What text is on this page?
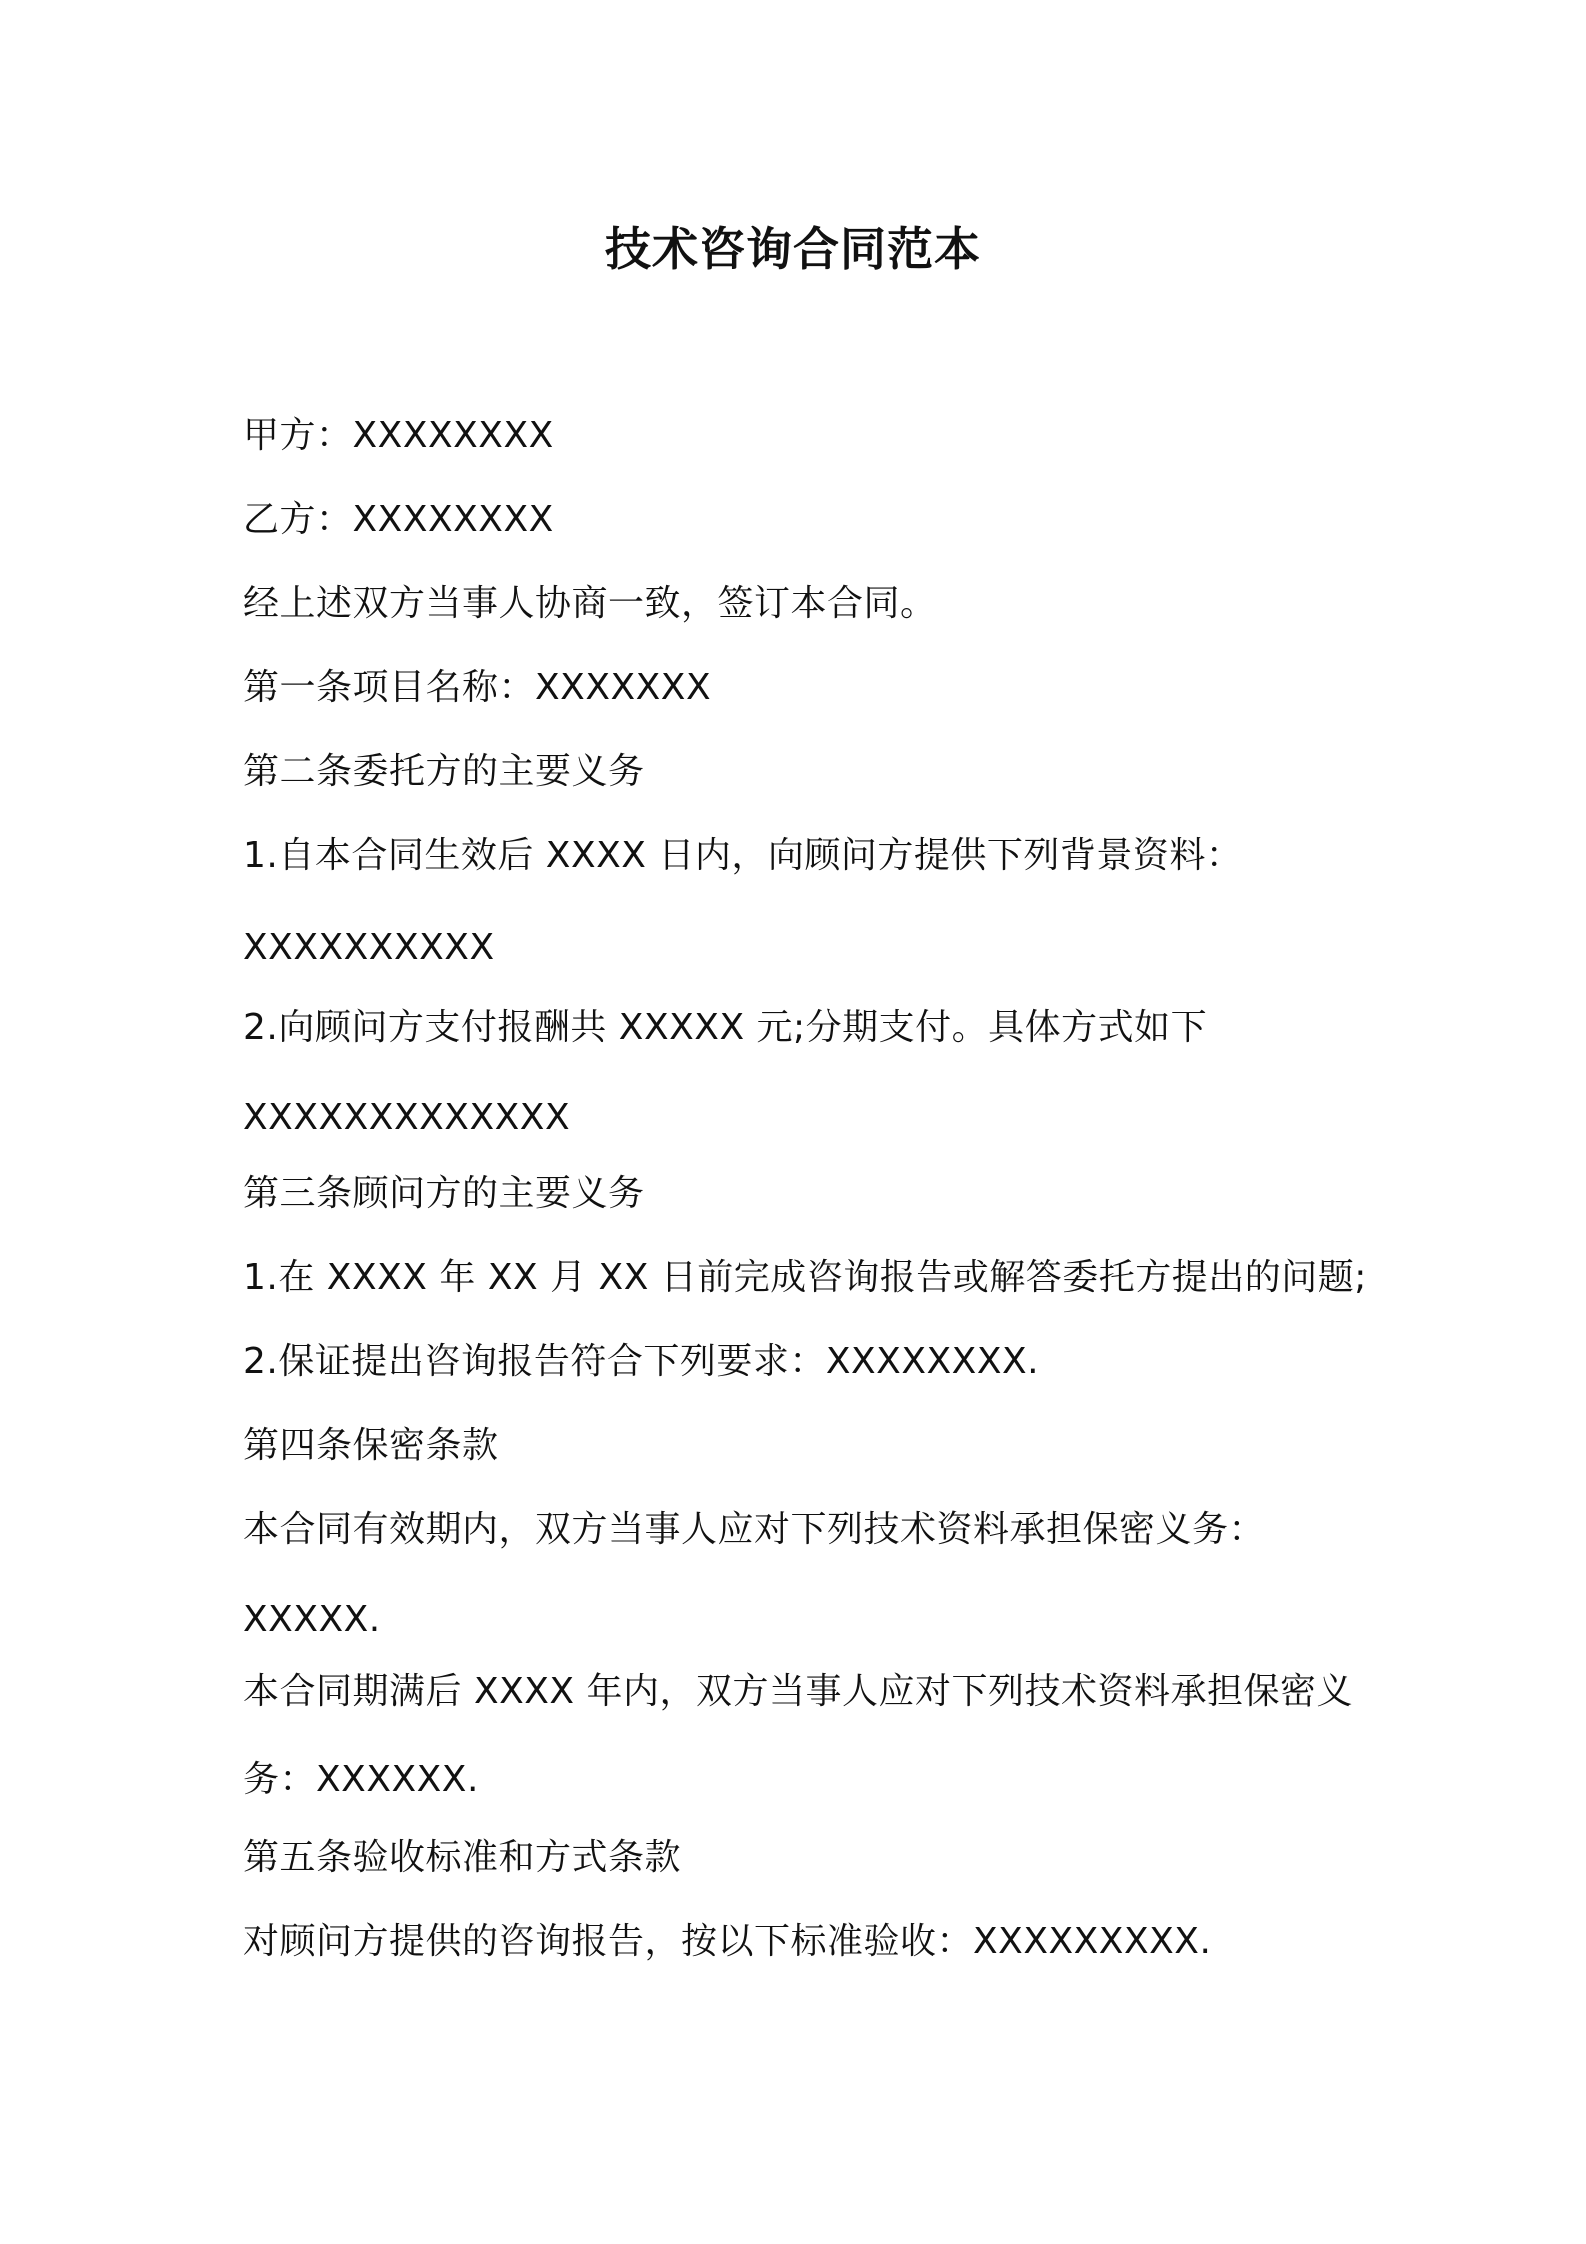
技术咨询合同范本
甲方：XXXXXXXX
乙方：XXXXXXXX
经上述双方当事人协商一致，签订本合同。
第一条项目名称：XXXXXXX
第二条委托方的主要义务
1.自本合同生效后 XXXX 日内，向顾问方提供下列背景资料：
XXXXXXXXXX
2.向顾问方支付报酬共 XXXXX 元;分期支付。具体方式如下
XXXXXXXXXXXXX
第三条顾问方的主要义务
1.在 XXXX 年 XX 月 XX 日前完成咨询报告或解答委托方提出的问题;
2.保证提出咨询报告符合下列要求：XXXXXXXX.
第四条保密条款
本合同有效期内，双方当事人应对下列技术资料承担保密义务：
XXXXX.
本合同期满后 XXXX 年内，双方当事人应对下列技术资料承担保密义
务：XXXXXX.
第五条验收标准和方式条款
对顾问方提供的咨询报告，按以下标准验收：XXXXXXXXX.
